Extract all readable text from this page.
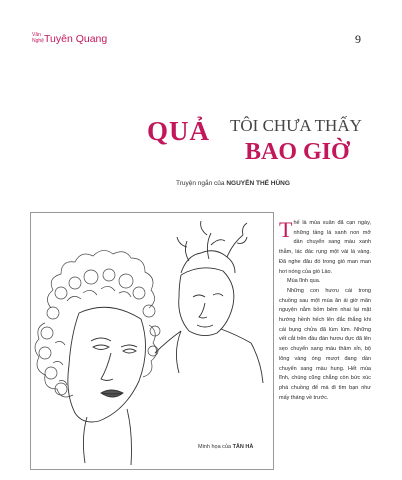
Văn
Nghệ Tuyên Quang	9
QUẢ TÔI CHƯA THẤY
BAO GIỜ
Truyện ngắn của NGUYỄN THẾ HÙNG
Minh họa của TÂN HÀ

Thế là mùa xuân đã cạn ngày, những tầng lá xanh non mỡ dần chuyển sang màu xanh thẫm, lác đác rụng một vài lá vàng. Đã nghe đâu đó trong gió man man hơi nóng của gió Lào.

Mùa lĩnh qua.

Những con hươu cái trong chuồng sau một mùa ăn ái giờ mãn nguyện nằm bỏm bẻm nhai lại mặt hướng hềnh hếch lên đắc thắng khi cái bụng chửa đã lùm lùm. Những vết cắt trên đầu đàn hươu đực đã lên sẹo chuyển sang màu thâm xỉn, bộ lông vàng óng mượt đang dần chuyển sang màu hung. Hết mùa lĩnh, chúng cũng chẳng còn bức xúc phá chuồng để mà đi tìm bạn như mấy tháng về trước.
